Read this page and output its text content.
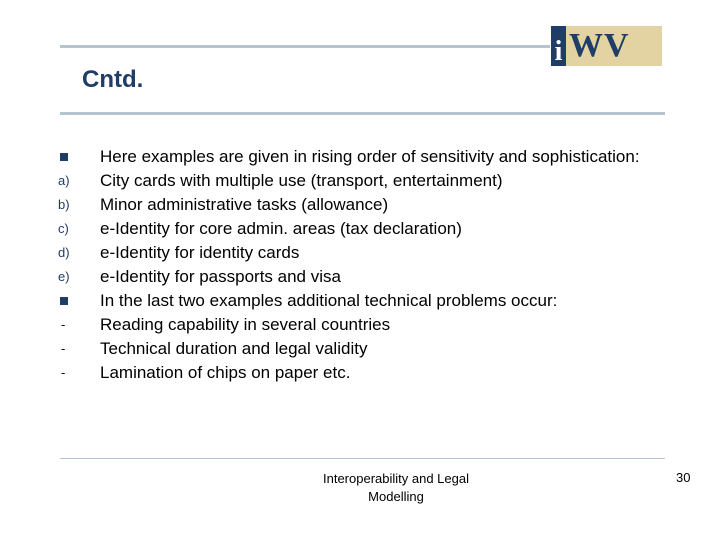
i WV
Cntd.
Here examples are given in rising order of sensitivity and sophistication:
a)	City cards with multiple use (transport, entertainment)
b)	Minor administrative tasks (allowance)
c)	e-Identity for core admin. areas (tax declaration)
d)	e-Identity for identity cards
e)	e-Identity for passports and visa
In the last two examples additional technical problems occur:
-	Reading capability in several countries
-	Technical duration and legal validity
-	Lamination of chips on paper etc.
Interoperability and Legal
Modelling
30
